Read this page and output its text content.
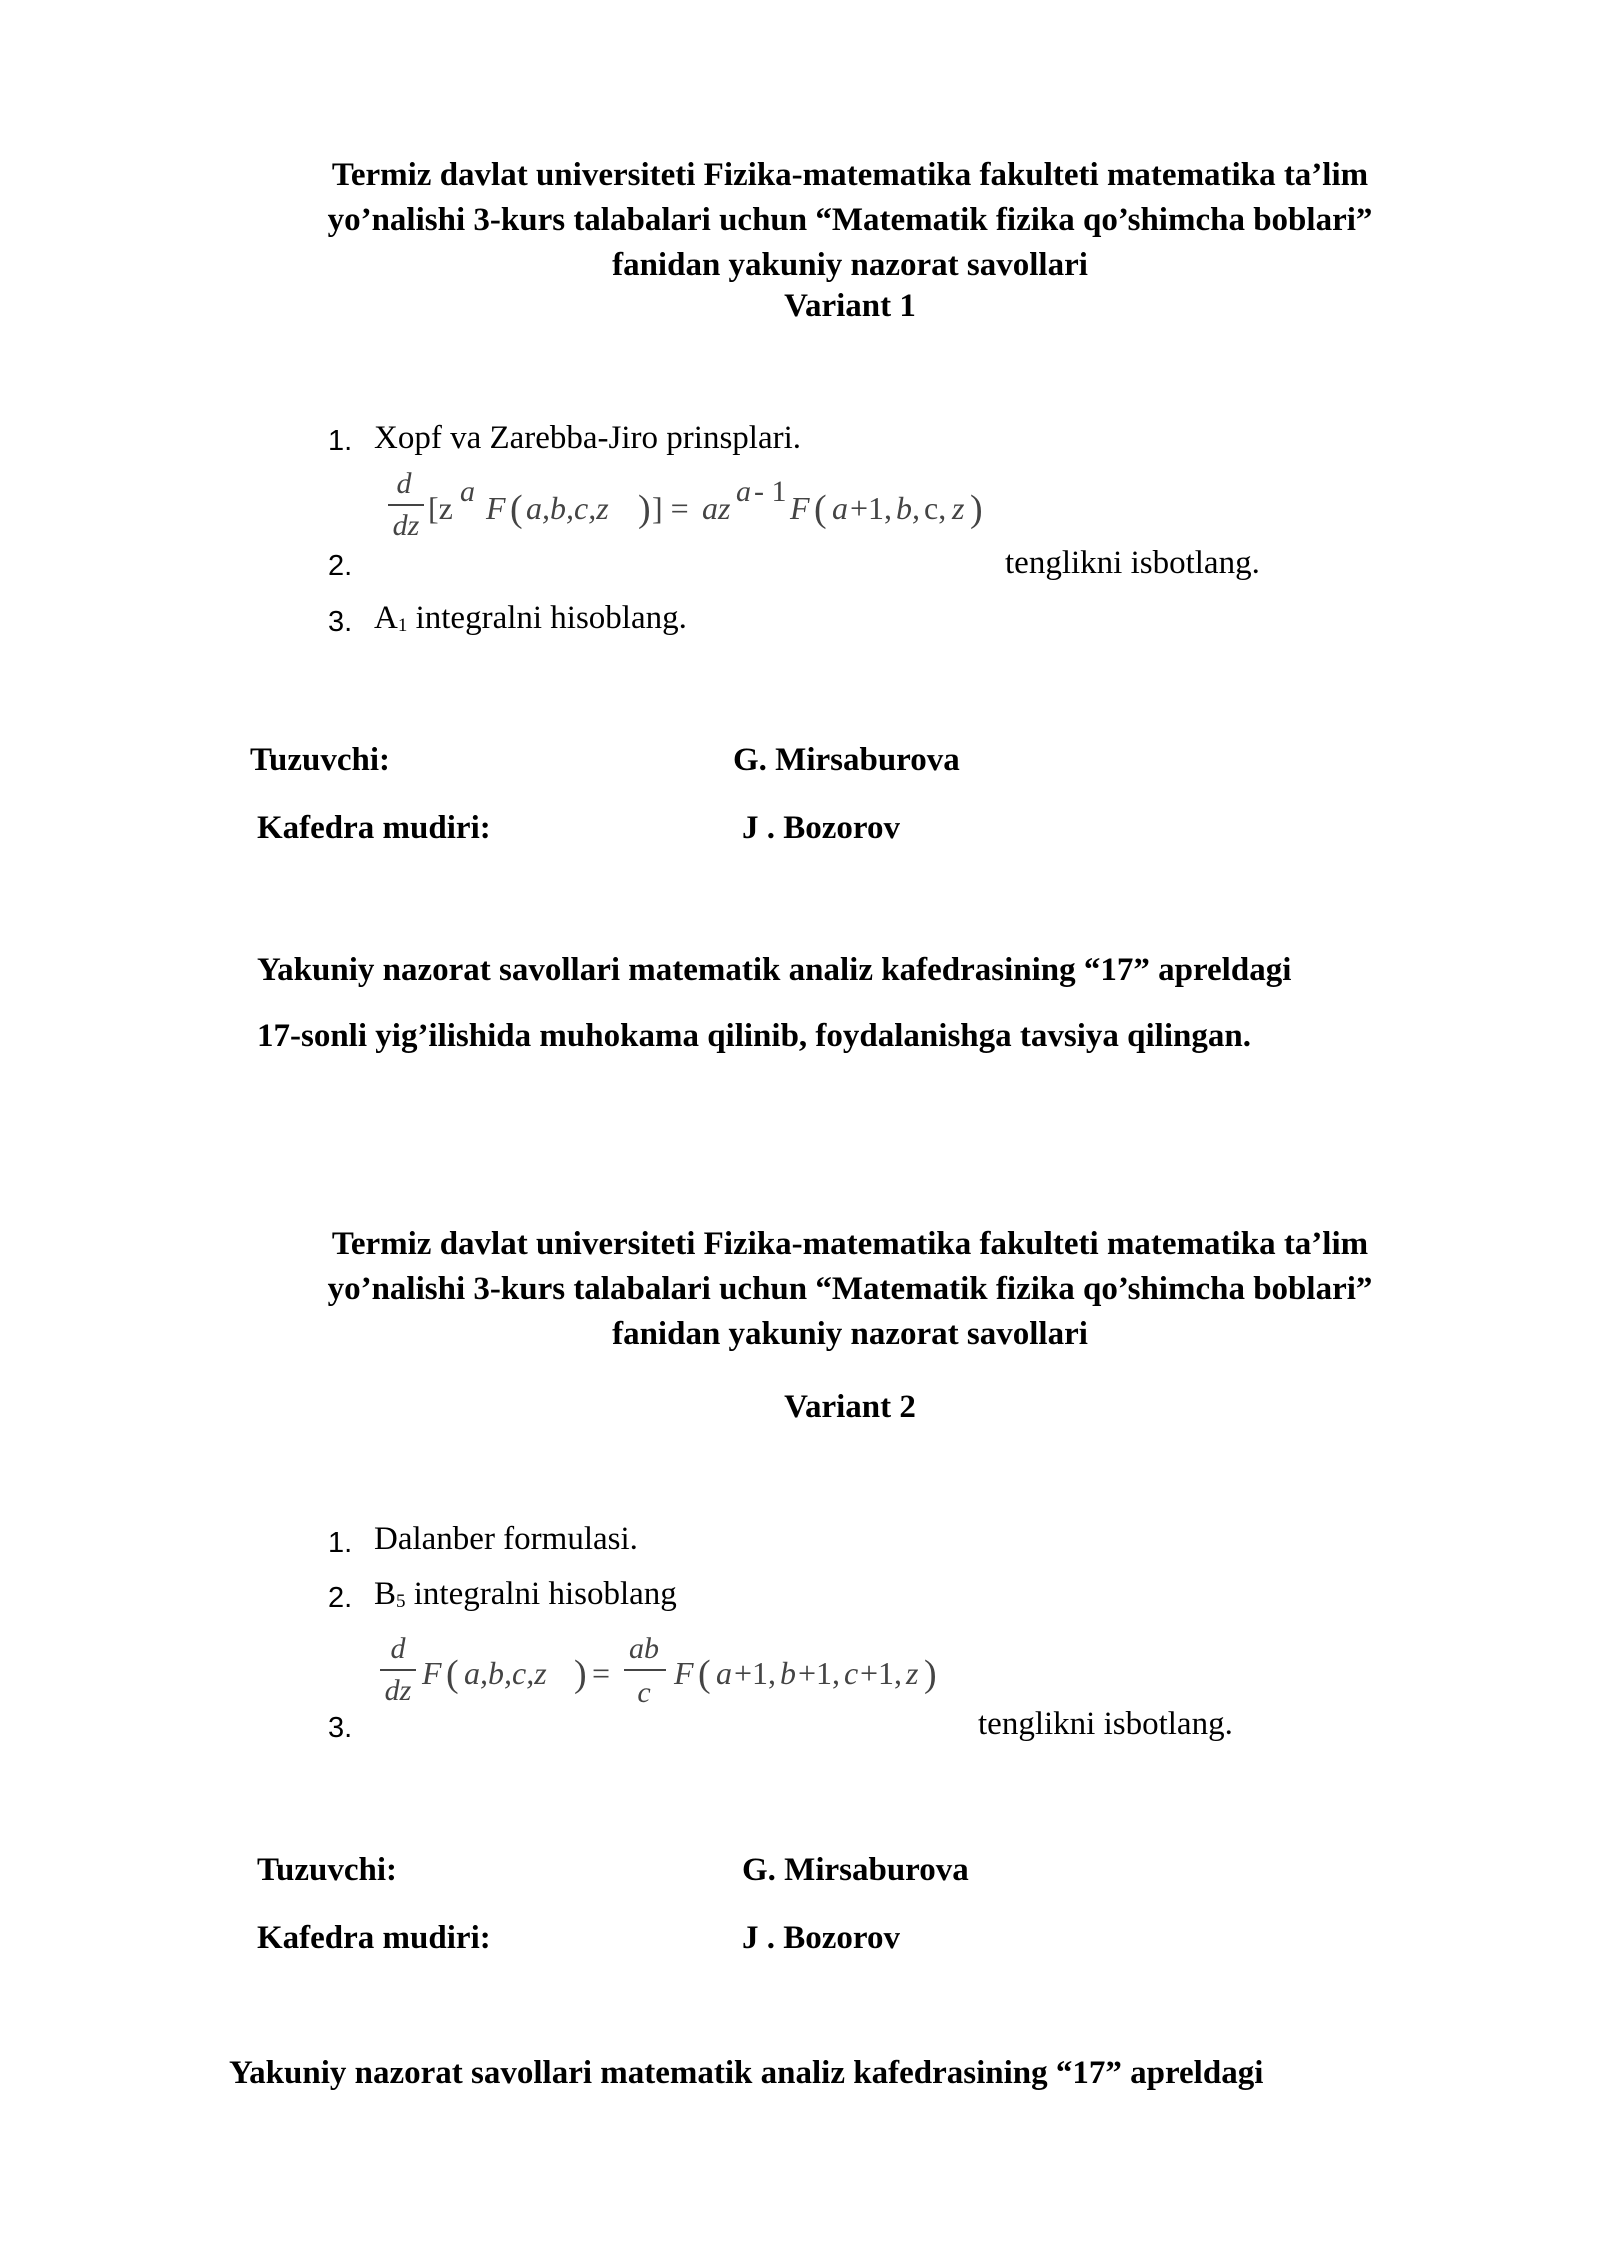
Termiz davlat universiteti Fizika-matematika fakulteti matematika ta’lim
yo’nalishi 3-kurs talabalari uchun “Matematik fizika qo’shimcha boblari”
fanidan yakuniy nazorat savollari
Variant 1
1. Xopf va Zarebba-Jiro prinsplari.
d
dz [z a F ( a,b,c,z ) ] = az a - 1 F ( a +1, b, c, z )
2.	tenglikni isbotlang.
3. $A_1$ integralni hisoblang.
Tuzuvchi:	G. Mirsaburova
Kafedra mudiri:	J . Bozorov
Yakuniy nazorat savollari matematik analiz kafedrasining “17” apreldagi
17-sonli yig’ilishida muhokama qilinib, foydalanishga tavsiya qilingan.
Termiz davlat universiteti Fizika-matematika fakulteti matematika ta’lim
yo’nalishi 3-kurs talabalari uchun “Matematik fizika qo’shimcha boblari”
fanidan yakuniy nazorat savollari
Variant 2
1. Dalanber formulasi.
2. $B_5$ integralni hisoblang
d
dz F ( a,b,c,z ) =
ab
c
F ( a +1, b +1, c +1, z )
3.	tenglikni isbotlang.
Tuzuvchi:	G. Mirsaburova
Kafedra mudiri:	J . Bozorov
Yakuniy nazorat savollari matematik analiz kafedrasining “17” apreldagi
